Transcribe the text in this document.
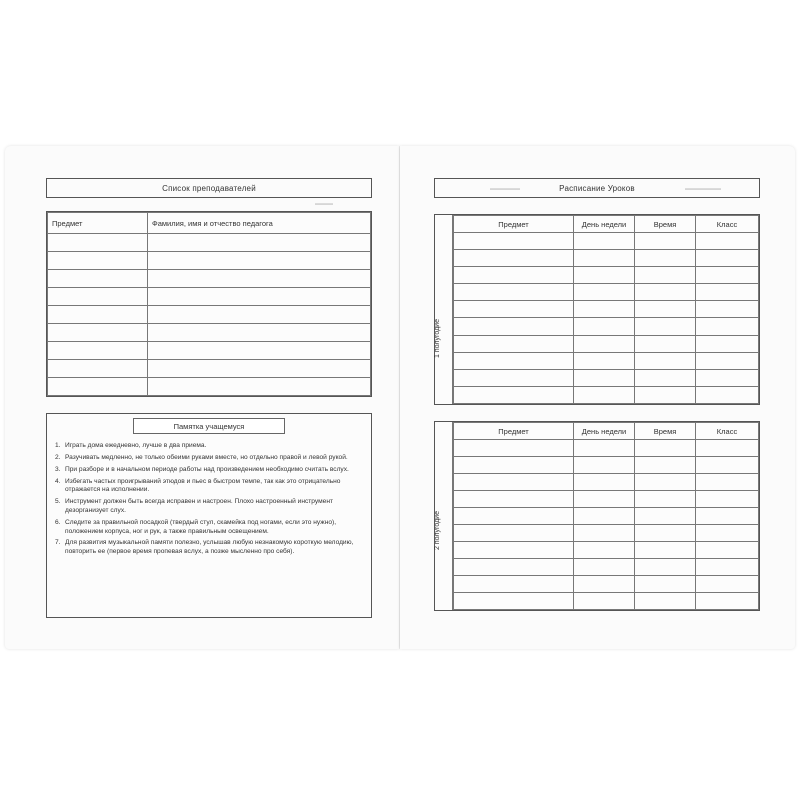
▬▬▬
Список преподавателей
Предмет	Фамилия, имя и отчество педагога

Памятка учащемуся
1. Играть дома ежедневно, лучше в два приема.
2. Разучивать медленно, не только обеими руками вместе, но отдельно правой и левой рукой.
3. При разборе и в начальном периоде работы над произведением необходимо считать вслух.
4. Избегать частых проигрываний этюдов и пьес в быстром темпе, так как это отрицательно отражается на исполнении.
5. Инструмент должен быть всегда исправен и настроен. Плохо настроенный инструмент дезорганизует слух.
6. Следите за правильной посадкой (твердый стул, скамейка под ногами, если это нужно), положением корпуса, ног и рук, а также правильным освещением.
7. Для развития музыкальной памяти полезно, услышав любую незнакомую короткую мелодию, повторить ее (первое время пропевая вслух, а позже мысленно про себя).
▬▬▬▬▬	▬▬▬▬▬▬
Расписание Уроков
1 полугодие
Предмет	День недели	Время	Класс

2 полугодие
Предмет	День недели	Время	Класс
